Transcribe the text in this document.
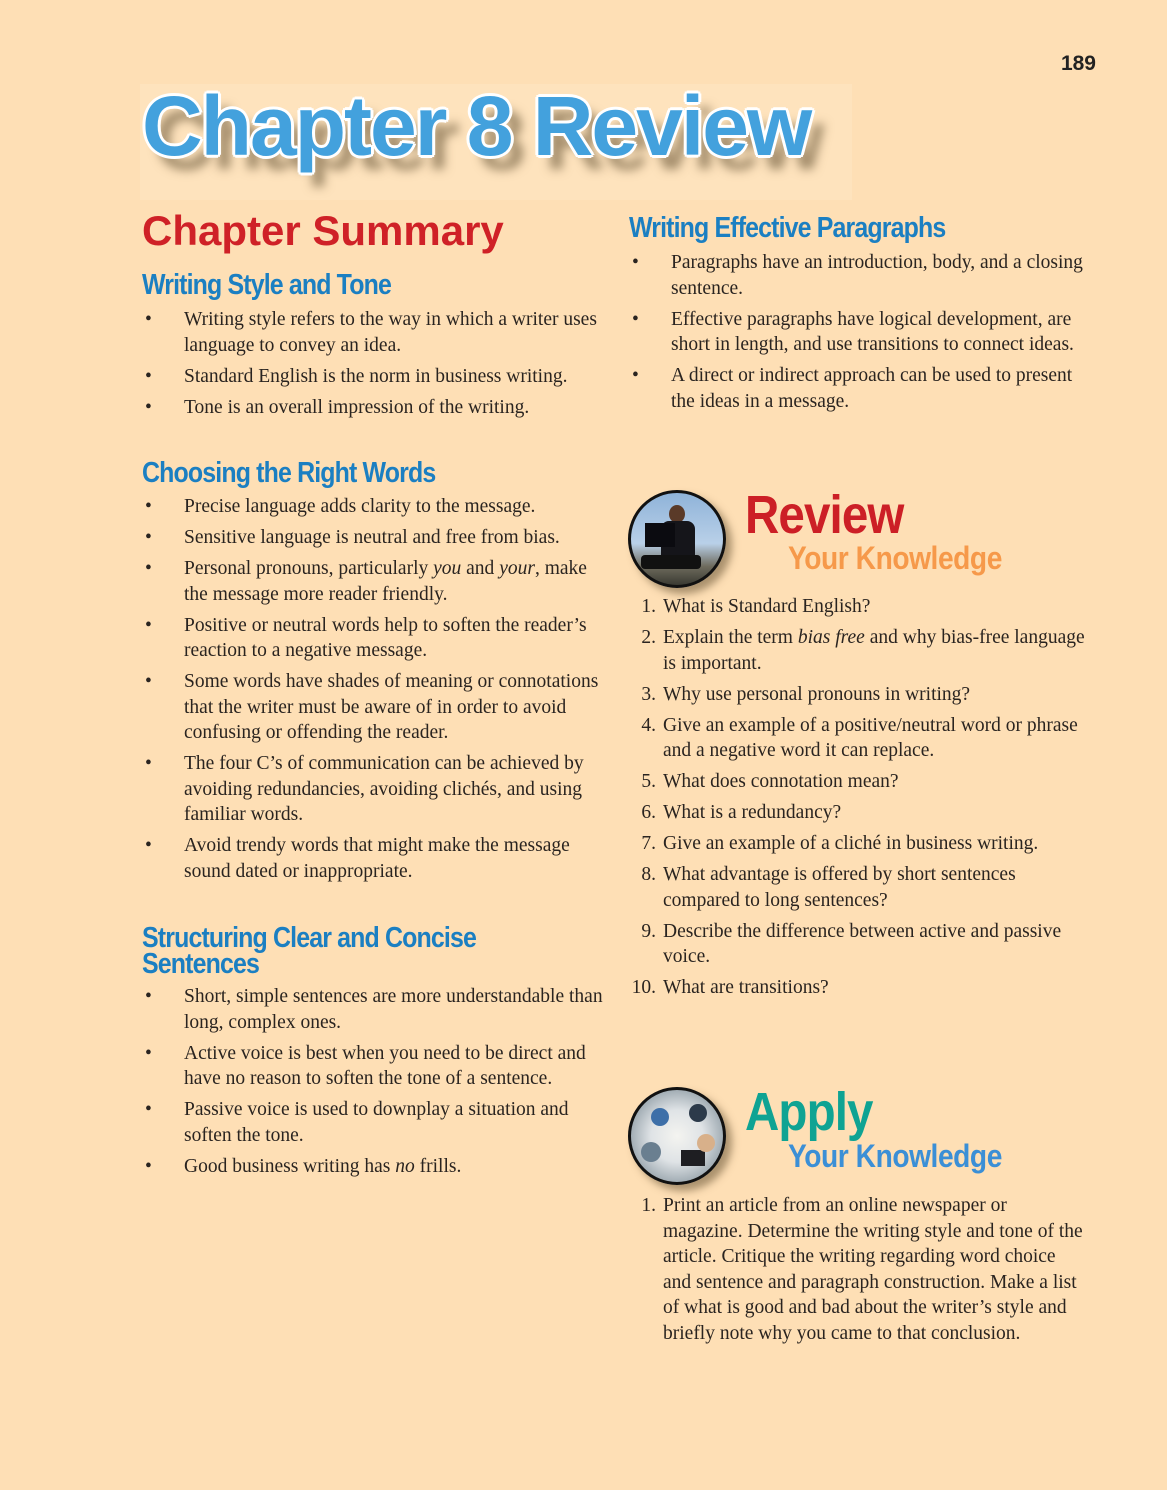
189
Chapter 8 Review
Chapter Summary
Writing Style and Tone
• Writing style refers to the way in which a writer uses language to convey an idea.
• Standard English is the norm in business writing.
• Tone is an overall impression of the writing.
Choosing the Right Words
• Precise language adds clarity to the message.
• Sensitive language is neutral and free from bias.
• Personal pronouns, particularly you and your, make the message more reader friendly.
• Positive or neutral words help to soften the reader’s reaction to a negative message.
• Some words have shades of meaning or connotations that the writer must be aware of in order to avoid confusing or offending the reader.
• The four C’s of communication can be achieved by avoiding redundancies, avoiding clichés, and using familiar words.
• Avoid trendy words that might make the message sound dated or inappropriate.
Structuring Clear and Concise Sentences
• Short, simple sentences are more understandable than long, complex ones.
• Active voice is best when you need to be direct and have no reason to soften the tone of a sentence.
• Passive voice is used to downplay a situation and soften the tone.
• Good business writing has no frills.
Writing Effective Paragraphs
• Paragraphs have an introduction, body, and a closing sentence.
• Effective paragraphs have logical development, are short in length, and use transitions to connect ideas.
• A direct or indirect approach can be used to present the ideas in a message.
Review
Your Knowledge
1. What is Standard English?
2. Explain the term bias free and why bias-free language is important.
3. Why use personal pronouns in writing?
4. Give an example of a positive/neutral word or phrase and a negative word it can replace.
5. What does connotation mean?
6. What is a redundancy?
7. Give an example of a cliché in business writing.
8. What advantage is offered by short sentences compared to long sentences?
9. Describe the difference between active and passive voice.
10. What are transitions?
Apply
Your Knowledge
1. Print an article from an online newspaper or magazine. Determine the writing style and tone of the article. Critique the writing regarding word choice and sentence and paragraph construction. Make a list of what is good and bad about the writer’s style and briefly note why you came to that conclusion.
